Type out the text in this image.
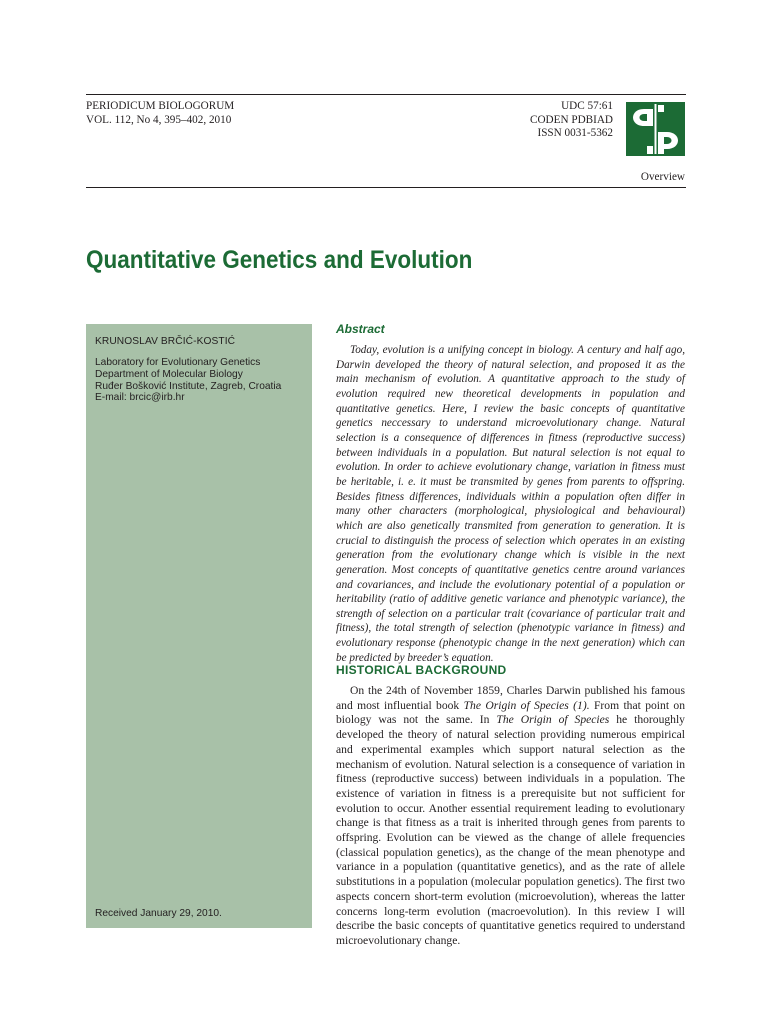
PERIODICUM BIOLOGORUM
VOL. 112, No 4, 395–402, 2010
UDC 57:61
CODEN PDBIAD
ISSN 0031-5362
Overview
Quantitative Genetics and Evolution
KRUNOSLAV BRČIĆ-KOSTIĆ
Laboratory for Evolutionary Genetics
Department of Molecular Biology
Ruđer Bošković Institute, Zagreb, Croatia
E-mail: brcic@irb.hr
Received January 29, 2010.
Abstract

Today, evolution is a unifying concept in biology. A century and half ago, Darwin developed the theory of natural selection, and proposed it as the main mechanism of evolution. A quantitative approach to the study of evolution required new theoretical developments in population and quantitative genetics. Here, I review the basic concepts of quantitative genetics neccessary to understand microevolutionary change. Natural selection is a consequence of differences in fitness (reproductive success) between individuals in a population. But natural selection is not equal to evolution. In order to achieve evolutionary change, variation in fitness must be heritable, i. e. it must be transmited by genes from parents to offspring. Besides fitness differences, individuals within a population often differ in many other characters (morphological, physiological and behavioural) which are also genetically transmited from generation to generation. It is crucial to distinguish the process of selection which operates in an existing generation from the evolutionary change which is visible in the next generation. Most concepts of quantitative genetics centre around variances and covariances, and include the evolutionary potential of a population or heritability (ratio of additive genetic variance and phenotypic variance), the strength of selection on a particular trait (covariance of particular trait and fitness), the total strength of selection (phenotypic variance in fitness) and evolutionary response (phenotypic change in the next generation) which can be predicted by breeder’s equation.

HISTORICAL BACKGROUND

On the 24th of November 1859, Charles Darwin published his famous and most influential book The Origin of Species (1). From that point on biology was not the same. In The Origin of Species he thoroughly developed the theory of natural selection providing numerous empirical and experimental examples which support natural selection as the mechanism of evolution. Natural selection is a consequence of variation in fitness (reproductive success) between individuals in a population. The existence of variation in fitness is a prerequisite but not sufficient for evolution to occur. Another essential requirement leading to evolutionary change is that fitness as a trait is inherited through genes from parents to offspring. Evolution can be viewed as the change of allele frequencies (classical population genetics), as the change of the mean phenotype and variance in a population (quantitative genetics), and as the rate of allele substitutions in a population (molecular population genetics). The first two aspects concern short-term evolution (microevolution), whereas the latter concerns long-term evolution (macroevolution). In this review I will describe the basic concepts of quantitative genetics required to understand microevolutionary change.
